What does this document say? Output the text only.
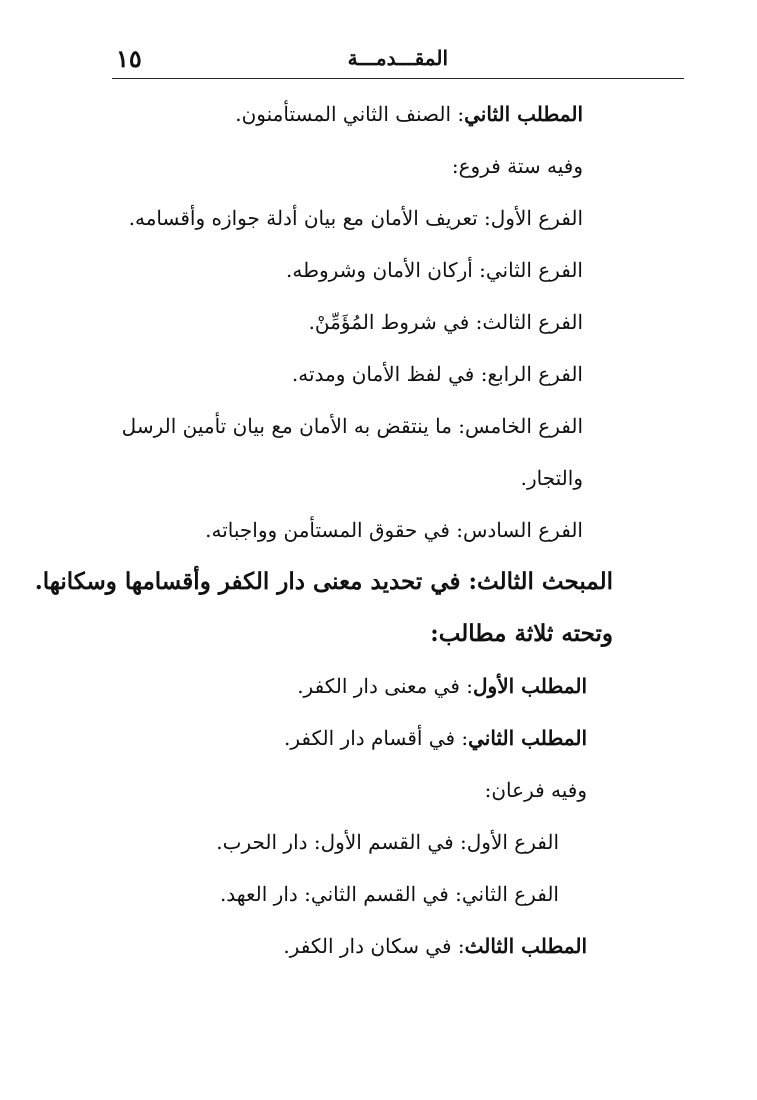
١٥	المقـــدمـــة
المطلب الثاني: الصنف الثاني المستأمنون.
وفيه ستة فروع:
الفرع الأول: تعريف الأمان مع بيان أدلة جوازه وأقسامه.
الفرع الثاني: أركان الأمان وشروطه.
الفرع الثالث: في شروط المُؤَمِّنْ.
الفرع الرابع: في لفظ الأمان ومدته.
الفرع الخامس: ما ينتقض به الأمان مع بيان تأمين الرسل
والتجار.
الفرع السادس: في حقوق المستأمن وواجباته.
المبحث الثالث: في تحديد معنى دار الكفر وأقسامها وسكانها.
وتحته ثلاثة مطالب:
المطلب الأول: في معنى دار الكفر.
المطلب الثاني: في أقسام دار الكفر.
وفيه فرعان:
الفرع الأول: في القسم الأول: دار الحرب.
الفرع الثاني: في القسم الثاني: دار العهد.
المطلب الثالث: في سكان دار الكفر.
